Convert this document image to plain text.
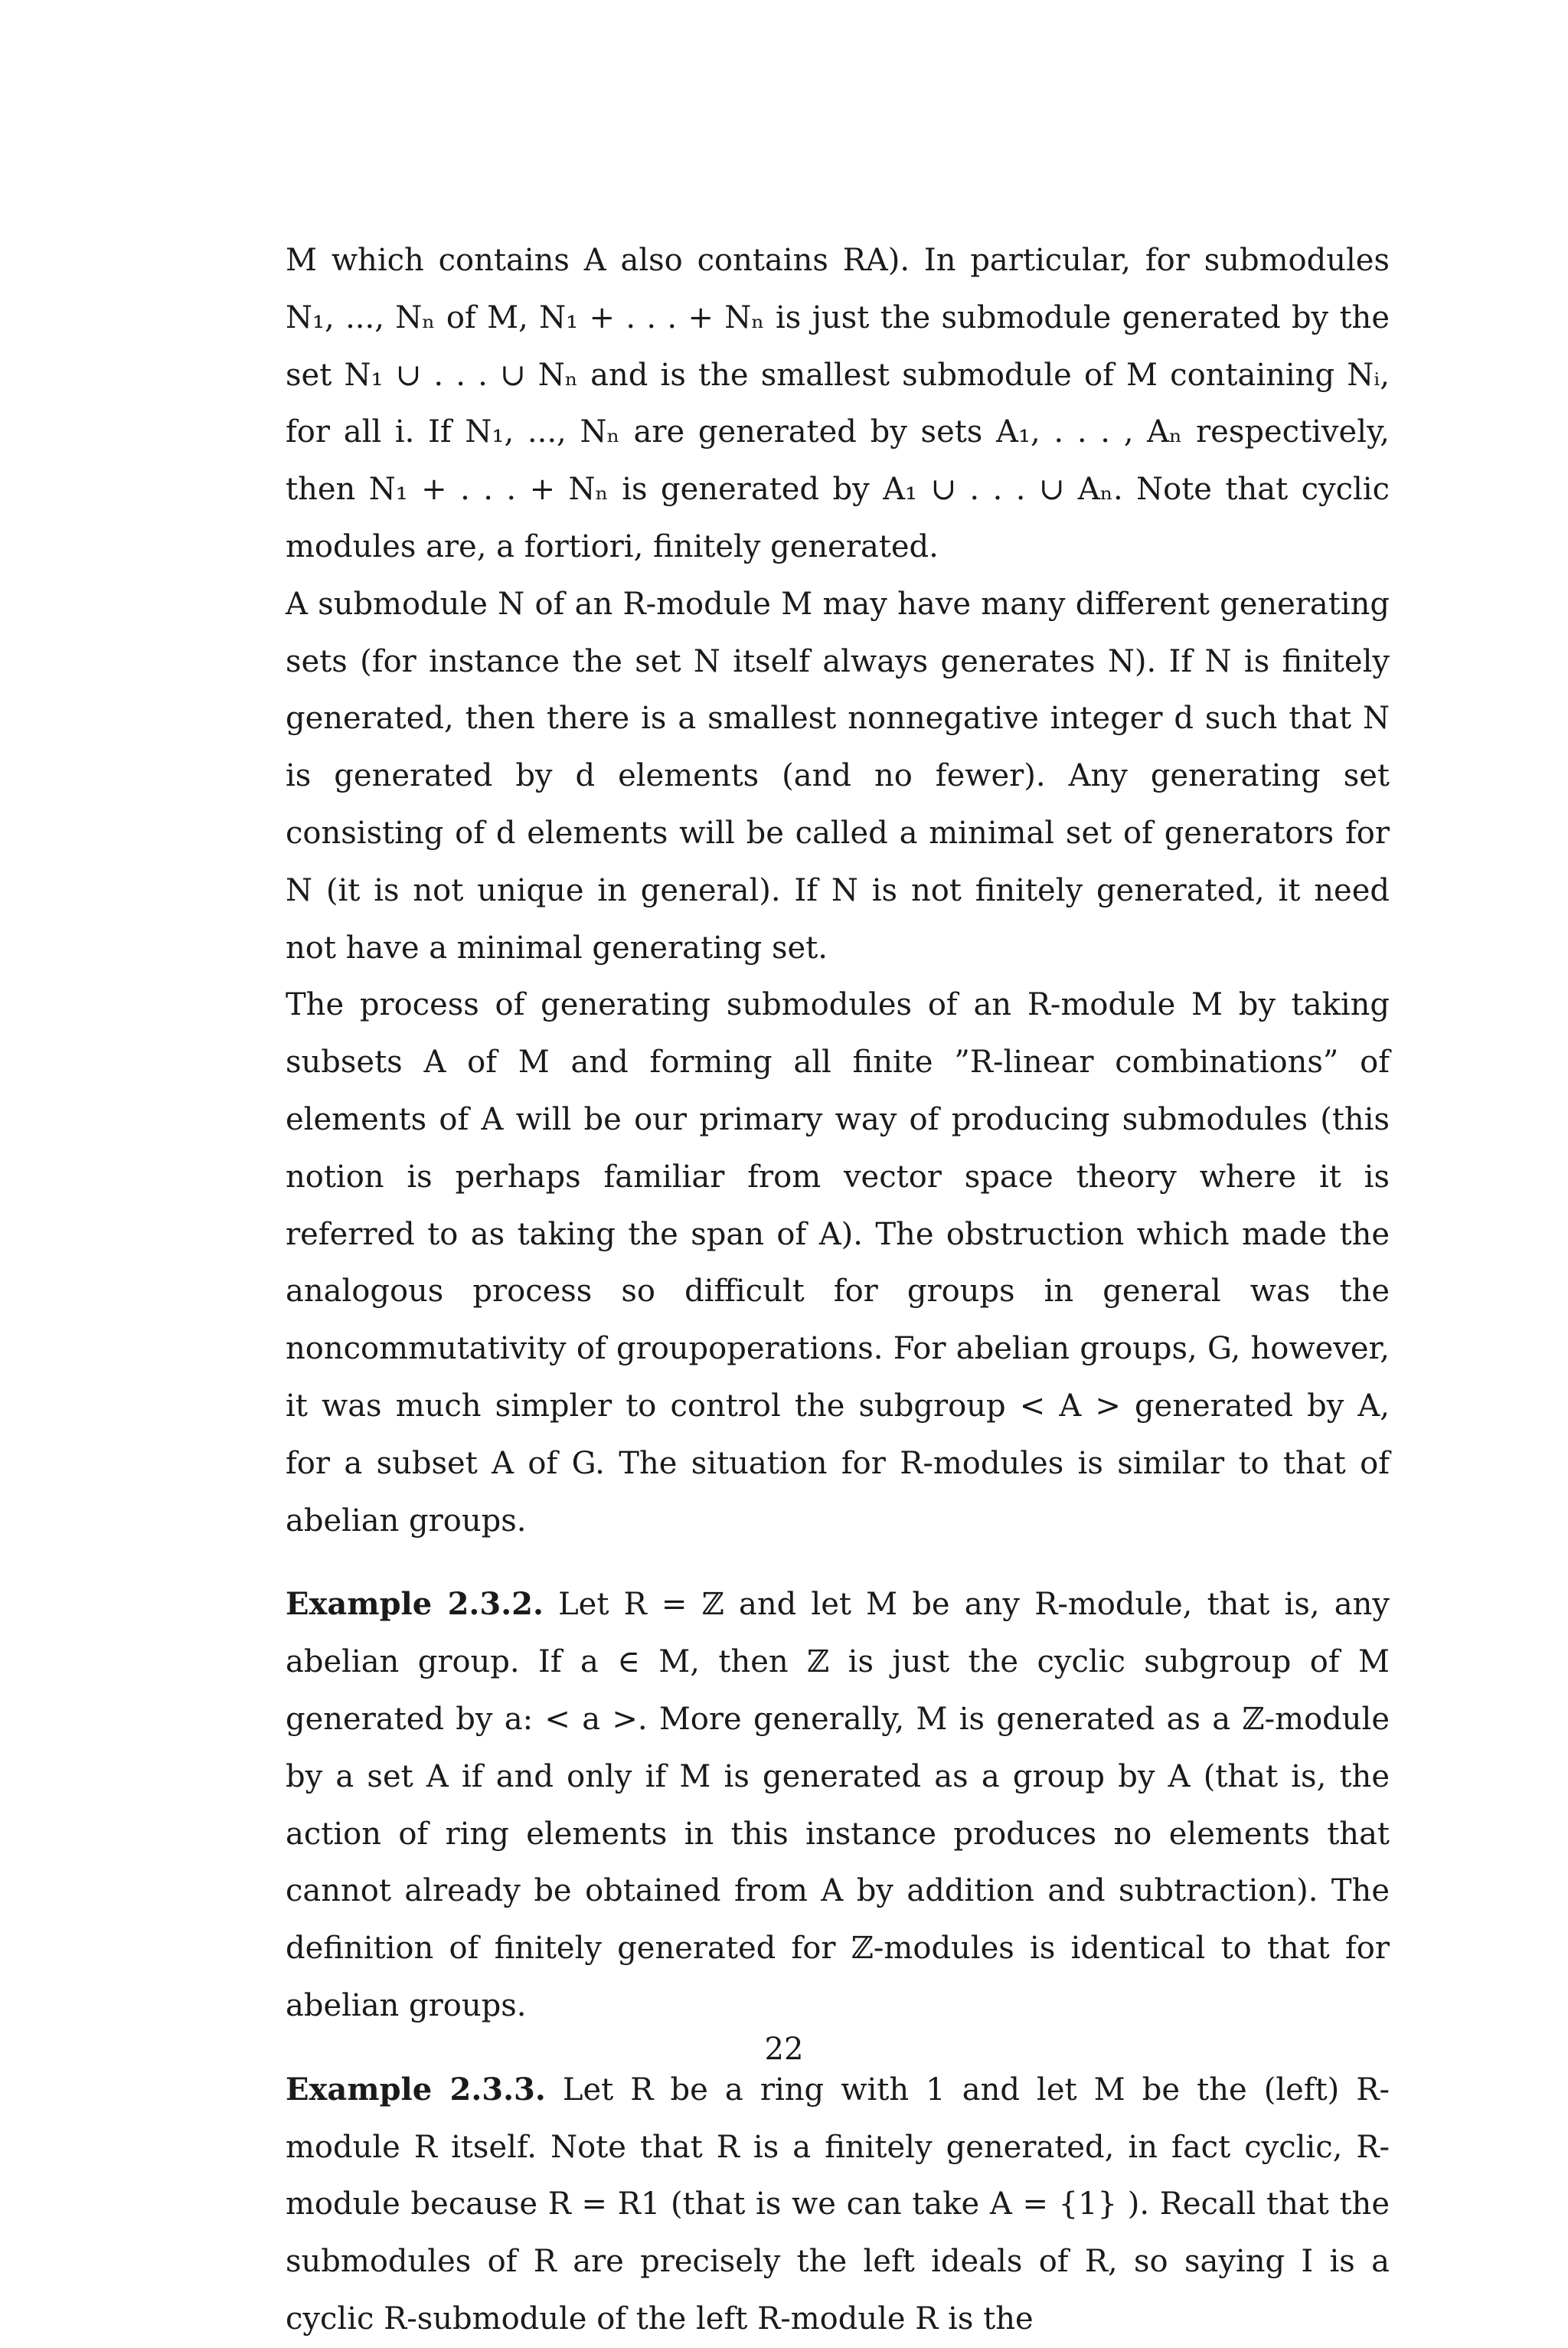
M which contains A also contains RA). In particular, for submodules N₁, ..., Nₙ of M, N₁ + . . . + Nₙ is just the submodule generated by the set N₁ ∪ . . . ∪ Nₙ and is the smallest submodule of M containing Nᵢ, for all i. If N₁, ..., Nₙ are generated by sets A₁, . . . , Aₙ respectively, then N₁ + . . . + Nₙ is generated by A₁ ∪ . . . ∪ Aₙ. Note that cyclic modules are, a fortiori, finitely generated.

A submodule N of an R-module M may have many different generating sets (for instance the set N itself always generates N). If N is finitely generated, then there is a smallest nonnegative integer d such that N is generated by d elements (and no fewer). Any generating set consisting of d elements will be called a minimal set of generators for N (it is not unique in general). If N is not finitely generated, it need not have a minimal generating set.

The process of generating submodules of an R-module M by taking subsets A of M and forming all finite ”R-linear combinations” of elements of A will be our primary way of producing submodules (this notion is perhaps familiar from vector space theory where it is referred to as taking the span of A). The obstruction which made the analogous process so difficult for groups in general was the noncommutativity of groupoperations. For abelian groups, G, however, it was much simpler to control the subgroup < A > generated by A, for a subset A of G. The situation for R-modules is similar to that of abelian groups.

Example 2.3.2. Let R = ℤ and let M be any R-module, that is, any abelian group. If a ∈ M, then ℤ is just the cyclic subgroup of M generated by a: < a >. More generally, M is generated as a ℤ-module by a set A if and only if M is generated as a group by A (that is, the action of ring elements in this instance produces no elements that cannot already be obtained from A by addition and subtraction). The definition of finitely generated for ℤ-modules is identical to that for abelian groups.

Example 2.3.3. Let R be a ring with 1 and let M be the (left) R-module R itself. Note that R is a finitely generated, in fact cyclic, R-module because R = R1 (that is we can take A = {1} ). Recall that the submodules of R are precisely the left ideals of R, so saying I is a cyclic R-submodule of the left R-module R is the

22
